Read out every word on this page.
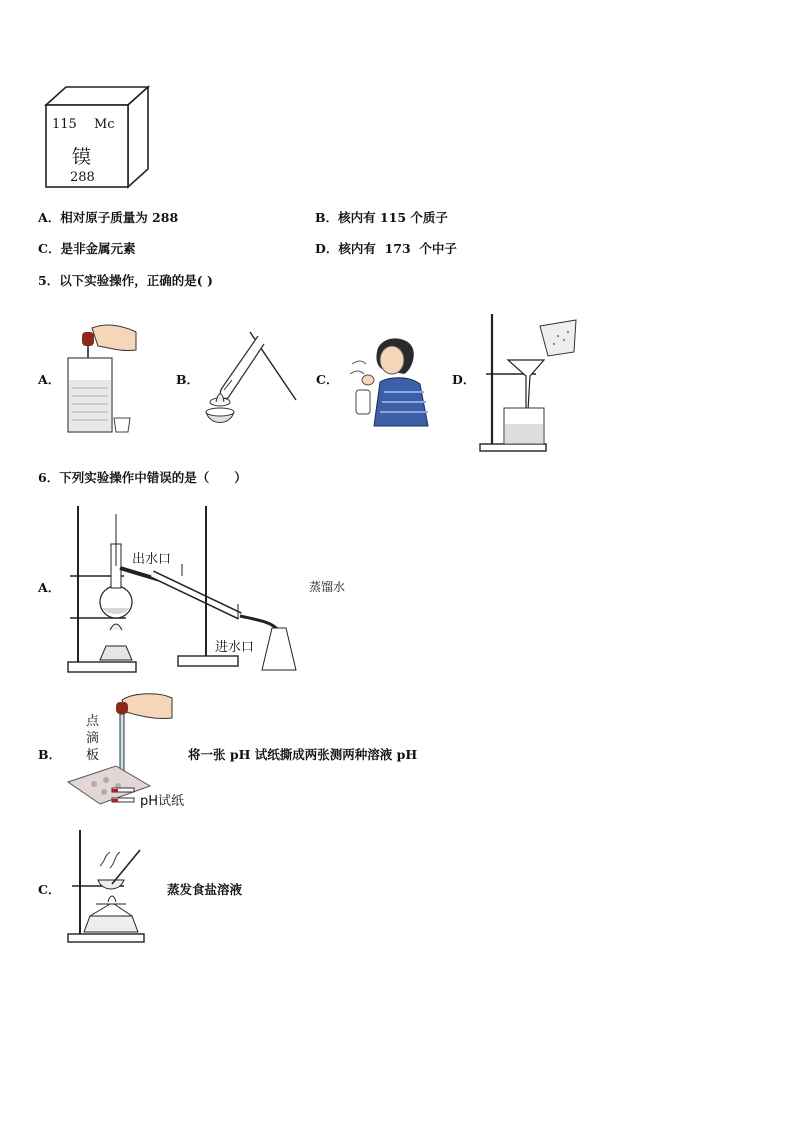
115 Mc
镆
288
A．相对原子质量为 288	B．核内有 115 个质子
C．是非金属元素	D．核内有  173  个中子
5．以下实验操作，正确的是( )
A．	B．	C．	D．
6．下列实验操作中错误的是（　　）
A．
出水口
进水口
蒸馏水
B．
点
滴
板
pH试纸
将一张 pH 试纸撕成两张测两种溶液 pH
C．	蒸发食盐溶液
